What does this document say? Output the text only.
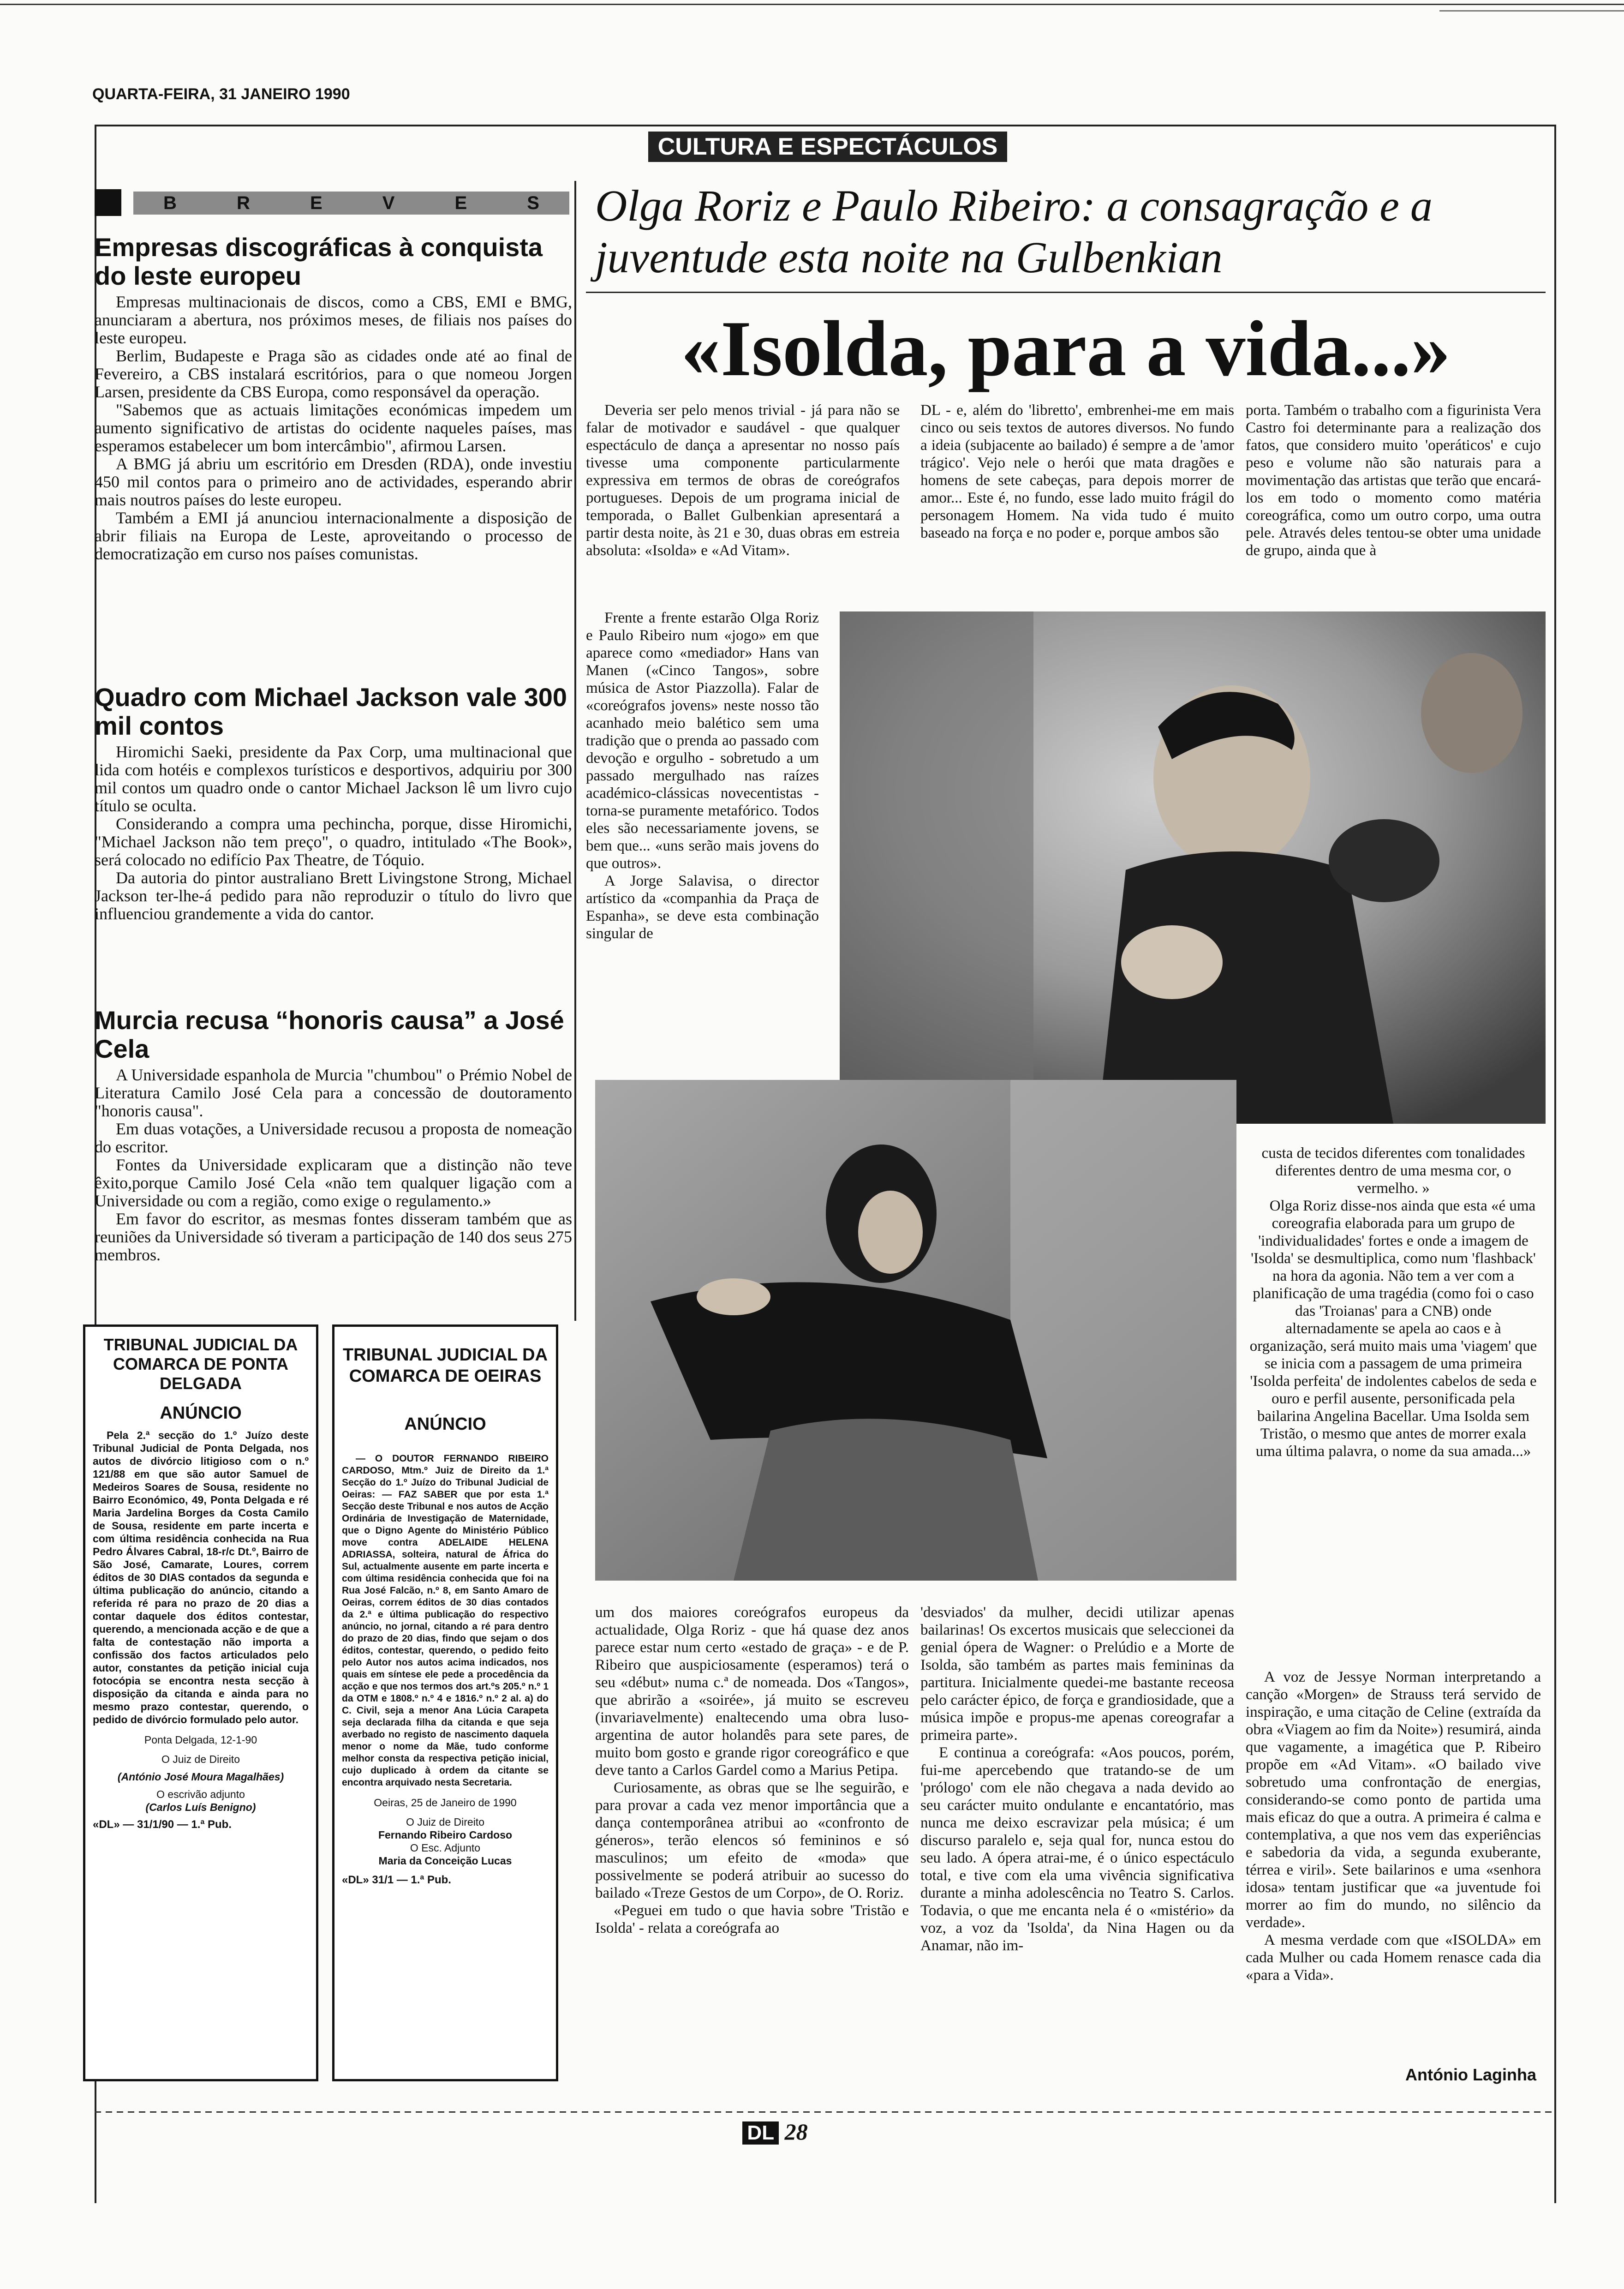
QUARTA-FEIRA, 31 JANEIRO 1990
CULTURA E ESPECTÁCULOS
B	R	E	V	E	S
Empresas discográficas à conquista do leste europeu

Empresas multinacionais de discos, como a CBS, EMI e BMG, anunciaram a abertura, nos próximos meses, de filiais nos países do leste europeu.

Berlim, Budapeste e Praga são as cidades onde até ao final de Fevereiro, a CBS instalará escritórios, para o que nomeou Jorgen Larsen, presidente da CBS Europa, como responsável da operação.

"Sabemos que as actuais limitações económicas impedem um aumento significativo de artistas do ocidente naqueles países, mas esperamos estabelecer um bom intercâmbio", afirmou Larsen.

A BMG já abriu um escritório em Dresden (RDA), onde investiu 450 mil contos para o primeiro ano de actividades, esperando abrir mais noutros países do leste europeu.

Também a EMI já anunciou internacionalmente a disposição de abrir filiais na Europa de Leste, aproveitando o processo de democratização em curso nos países comunistas.

Quadro com Michael Jackson vale 300 mil contos

Hiromichi Saeki, presidente da Pax Corp, uma multinacional que lida com hotéis e complexos turísticos e desportivos, adquiriu por 300 mil contos um quadro onde o cantor Michael Jackson lê um livro cujo título se oculta.

Considerando a compra uma pechincha, porque, disse Hiromichi, "Michael Jackson não tem preço", o quadro, intitulado «The Book», será colocado no edifício Pax Theatre, de Tóquio.

Da autoria do pintor australiano Brett Livingstone Strong, Michael Jackson ter-lhe-á pedido para não reproduzir o título do livro que influenciou grandemente a vida do cantor.

Murcia recusa “honoris causa” a José Cela

A Universidade espanhola de Murcia "chumbou" o Prémio Nobel de Literatura Camilo José Cela para a concessão de doutoramento "honoris causa".

Em duas votações, a Universidade recusou a proposta de nomeação do escritor.

Fontes da Universidade explicaram que a distinção não teve êxito,porque Camilo José Cela «não tem qualquer ligação com a Universidade ou com a região, como exige o regulamento.»

Em favor do escritor, as mesmas fontes disseram também que as reuniões da Universidade só tiveram a participação de 140 dos seus 275 membros.

TRIBUNAL JUDICIAL DA COMARCA DE PONTA DELGADA
ANÚNCIO

Pela 2.ª secção do 1.º Juízo deste Tribunal Judicial de Ponta Delgada, nos autos de divórcio litigioso com o n.º 121/88 em que são autor Samuel de Medeiros Soares de Sousa, residente no Bairro Económico, 49, Ponta Delgada e ré Maria Jardelina Borges da Costa Camilo de Sousa, residente em parte incerta e com última residência conhecida na Rua Pedro Álvares Cabral, 18-r/c Dt.º, Bairro de São José, Camarate, Loures, correm éditos de 30 DIAS contados da segunda e última publicação do anúncio, citando a referida ré para no prazo de 20 dias a contar daquele dos éditos contestar, querendo, a mencionada acção e de que a falta de contestação não importa a confissão dos factos articulados pelo autor, constantes da petição inicial cuja fotocópia se encontra nesta secção à disposição da citanda e ainda para no mesmo prazo contestar, querendo, o pedido de divórcio formulado pelo autor.

Ponta Delgada, 12-1-90

O Juiz de Direito

(António José Moura Magalhães)

O escrivão adjunto

(Carlos Luís Benigno)

«DL» — 31/1/90 — 1.ª Pub.
TRIBUNAL JUDICIAL DA COMARCA DE OEIRAS
ANÚNCIO

— O DOUTOR FERNANDO RIBEIRO CARDOSO, Mtm.º Juiz de Direito da 1.ª Secção do 1.º Juízo do Tribunal Judicial de Oeiras: — FAZ SABER que por esta 1.ª Secção deste Tribunal e nos autos de Acção Ordinária de Investigação de Maternidade, que o Digno Agente do Ministério Público move contra ADELAIDE HELENA ADRIASSA, solteira, natural de África do Sul, actualmente ausente em parte incerta e com última residência conhecida que foi na Rua José Falcão, n.º 8, em Santo Amaro de Oeiras, correm éditos de 30 dias contados da 2.ª e última publicação do respectivo anúncio, no jornal, citando a ré para dentro do prazo de 20 dias, findo que sejam o dos éditos, contestar, querendo, o pedido feito pelo Autor nos autos acima indicados, nos quais em síntese ele pede a procedência da acção e que nos termos dos art.ºs 205.º n.º 1 da OTM e 1808.º n.º 4 e 1816.º n.º 2 al. a) do C. Civil, seja a menor Ana Lúcia Carapeta seja declarada filha da citanda e que seja averbado no registo de nascimento daquela menor o nome da Mãe, tudo conforme melhor consta da respectiva petição inicial, cujo duplicado à ordem da citante se encontra arquivado nesta Secretaria.

Oeiras, 25 de Janeiro de 1990

O Juiz de Direito

Fernando Ribeiro Cardoso

O Esc. Adjunto

Maria da Conceição Lucas

«DL» 31/1 — 1.ª Pub.
Olga Roriz e Paulo Ribeiro: a consagração e a juventude esta noite na Gulbenkian
«Isolda, para a vida...»

Deveria ser pelo menos trivial - já para não se falar de motivador e saudável - que qualquer espectáculo de dança a apresentar no nosso país tivesse uma componente particularmente expressiva em termos de obras de coreógrafos portugueses. Depois de um programa inicial de temporada, o Ballet Gulbenkian apresentará a partir desta noite, às 21 e 30, duas obras em estreia absoluta: «Isolda» e «Ad Vitam».

Frente a frente estarão Olga Roriz e Paulo Ribeiro num «jogo» em que aparece como «mediador» Hans van Manen («Cinco Tangos», sobre música de Astor Piazzolla). Falar de «coreógrafos jovens» neste nosso tão acanhado meio balético sem uma tradição que o prenda ao passado com devoção e orgulho - sobretudo a um passado mergulhado nas raízes académico-clássicas novecentistas - torna-se puramente metafórico. Todos eles são necessariamente jovens, se bem que... «uns serão mais jovens do que outros».

A Jorge Salavisa, o director artístico da «companhia da Praça de Espanha», se deve esta combinação singular de

DL - e, além do 'libretto', embrenhei-me em mais cinco ou seis textos de autores diversos. No fundo a ideia (subjacente ao bailado) é sempre a de 'amor trágico'. Vejo nele o herói que mata dragões e homens de sete cabeças, para depois morrer de amor... Este é, no fundo, esse lado muito frágil do personagem Homem. Na vida tudo é muito baseado na força e no poder e, porque ambos são

porta. Também o trabalho com a figurinista Vera Castro foi determinante para a realização dos fatos, que considero muito 'operáticos' e cujo peso e volume não são naturais para a movimentação das artistas que terão que encará-los em todo o momento como matéria coreográfica, como um outro corpo, uma outra pele. Através deles tentou-se obter uma unidade de grupo, ainda que à

custa de tecidos diferentes com tonalidades diferentes dentro de uma mesma cor, o vermelho. »

Olga Roriz disse-nos ainda que esta «é uma coreografia elaborada para um grupo de 'individualidades' fortes e onde a imagem de 'Isolda' se desmultiplica, como num 'flashback' na hora da agonia. Não tem a ver com a planificação de uma tragédia (como foi o caso das 'Troianas' para a CNB) onde alternadamente se apela ao caos e à organização, será muito mais uma 'viagem' que se inicia com a passagem de uma primeira 'Isolda perfeita' de indolentes cabelos de seda e ouro e perfil ausente, personificada pela bailarina Angelina Bacellar. Uma Isolda sem Tristão, o mesmo que antes de morrer exala uma última palavra, o nome da sua amada...»

um dos maiores coreógrafos europeus da actualidade, Olga Roriz - que há quase dez anos parece estar num certo «estado de graça» - e de P. Ribeiro que auspiciosamente (esperamos) terá o seu «début» numa c.ª de nomeada. Dos «Tangos», que abrirão a «soirée», já muito se escreveu (invariavelmente) enaltecendo uma obra luso-argentina de autor holandês para sete pares, de muito bom gosto e grande rigor coreográfico e que deve tanto a Carlos Gardel como a Marius Petipa.

Curiosamente, as obras que se lhe seguirão, e para provar a cada vez menor importância que a dança contemporânea atribui ao «confronto de géneros», terão elencos só femininos e só masculinos; um efeito de «moda» que possivelmente se poderá atribuir ao sucesso do bailado «Treze Gestos de um Corpo», de O. Roriz.

«Peguei em tudo o que havia sobre 'Tristão e Isolda' - relata a coreógrafa ao

'desviados' da mulher, decidi utilizar apenas bailarinas! Os excertos musicais que seleccionei da genial ópera de Wagner: o Prelúdio e a Morte de Isolda, são também as partes mais femininas da partitura. Inicialmente quedei-me bastante receosa pelo carácter épico, de força e grandiosidade, que a música impõe e propus-me apenas coreografar a primeira parte».

E continua a coreógrafa: «Aos poucos, porém, fui-me apercebendo que tratando-se de um 'prólogo' com ele não chegava a nada devido ao seu carácter muito ondulante e encantatório, mas nunca me deixo escravizar pela música; é um discurso paralelo e, seja qual for, nunca estou do seu lado. A ópera atrai-me, é o único espectáculo total, e tive com ela uma vivência significativa durante a minha adolescência no Teatro S. Carlos. Todavia, o que me encanta nela é o «mistério» da voz, a voz da 'Isolda', da Nina Hagen ou da Anamar, não im-

A voz de Jessye Norman interpretando a canção «Morgen» de Strauss terá servido de inspiração, e uma citação de Celine (extraída da obra «Viagem ao fim da Noite») resumirá, ainda que vagamente, a imagética que P. Ribeiro propõe em «Ad Vitam». «O bailado vive sobretudo uma confrontação de energias, considerando-se como ponto de partida uma mais eficaz do que a outra. A primeira é calma e contemplativa, a que nos vem das experiências e sabedoria da vida, a segunda exuberante, térrea e viril». Sete bailarinos e uma «senhora idosa» tentam justificar que «a juventude foi morrer ao fim do mundo, no silêncio da verdade».

A mesma verdade com que «ISOLDA» em cada Mulher ou cada Homem renasce cada dia «para a Vida».

António Laginha
DL 28
